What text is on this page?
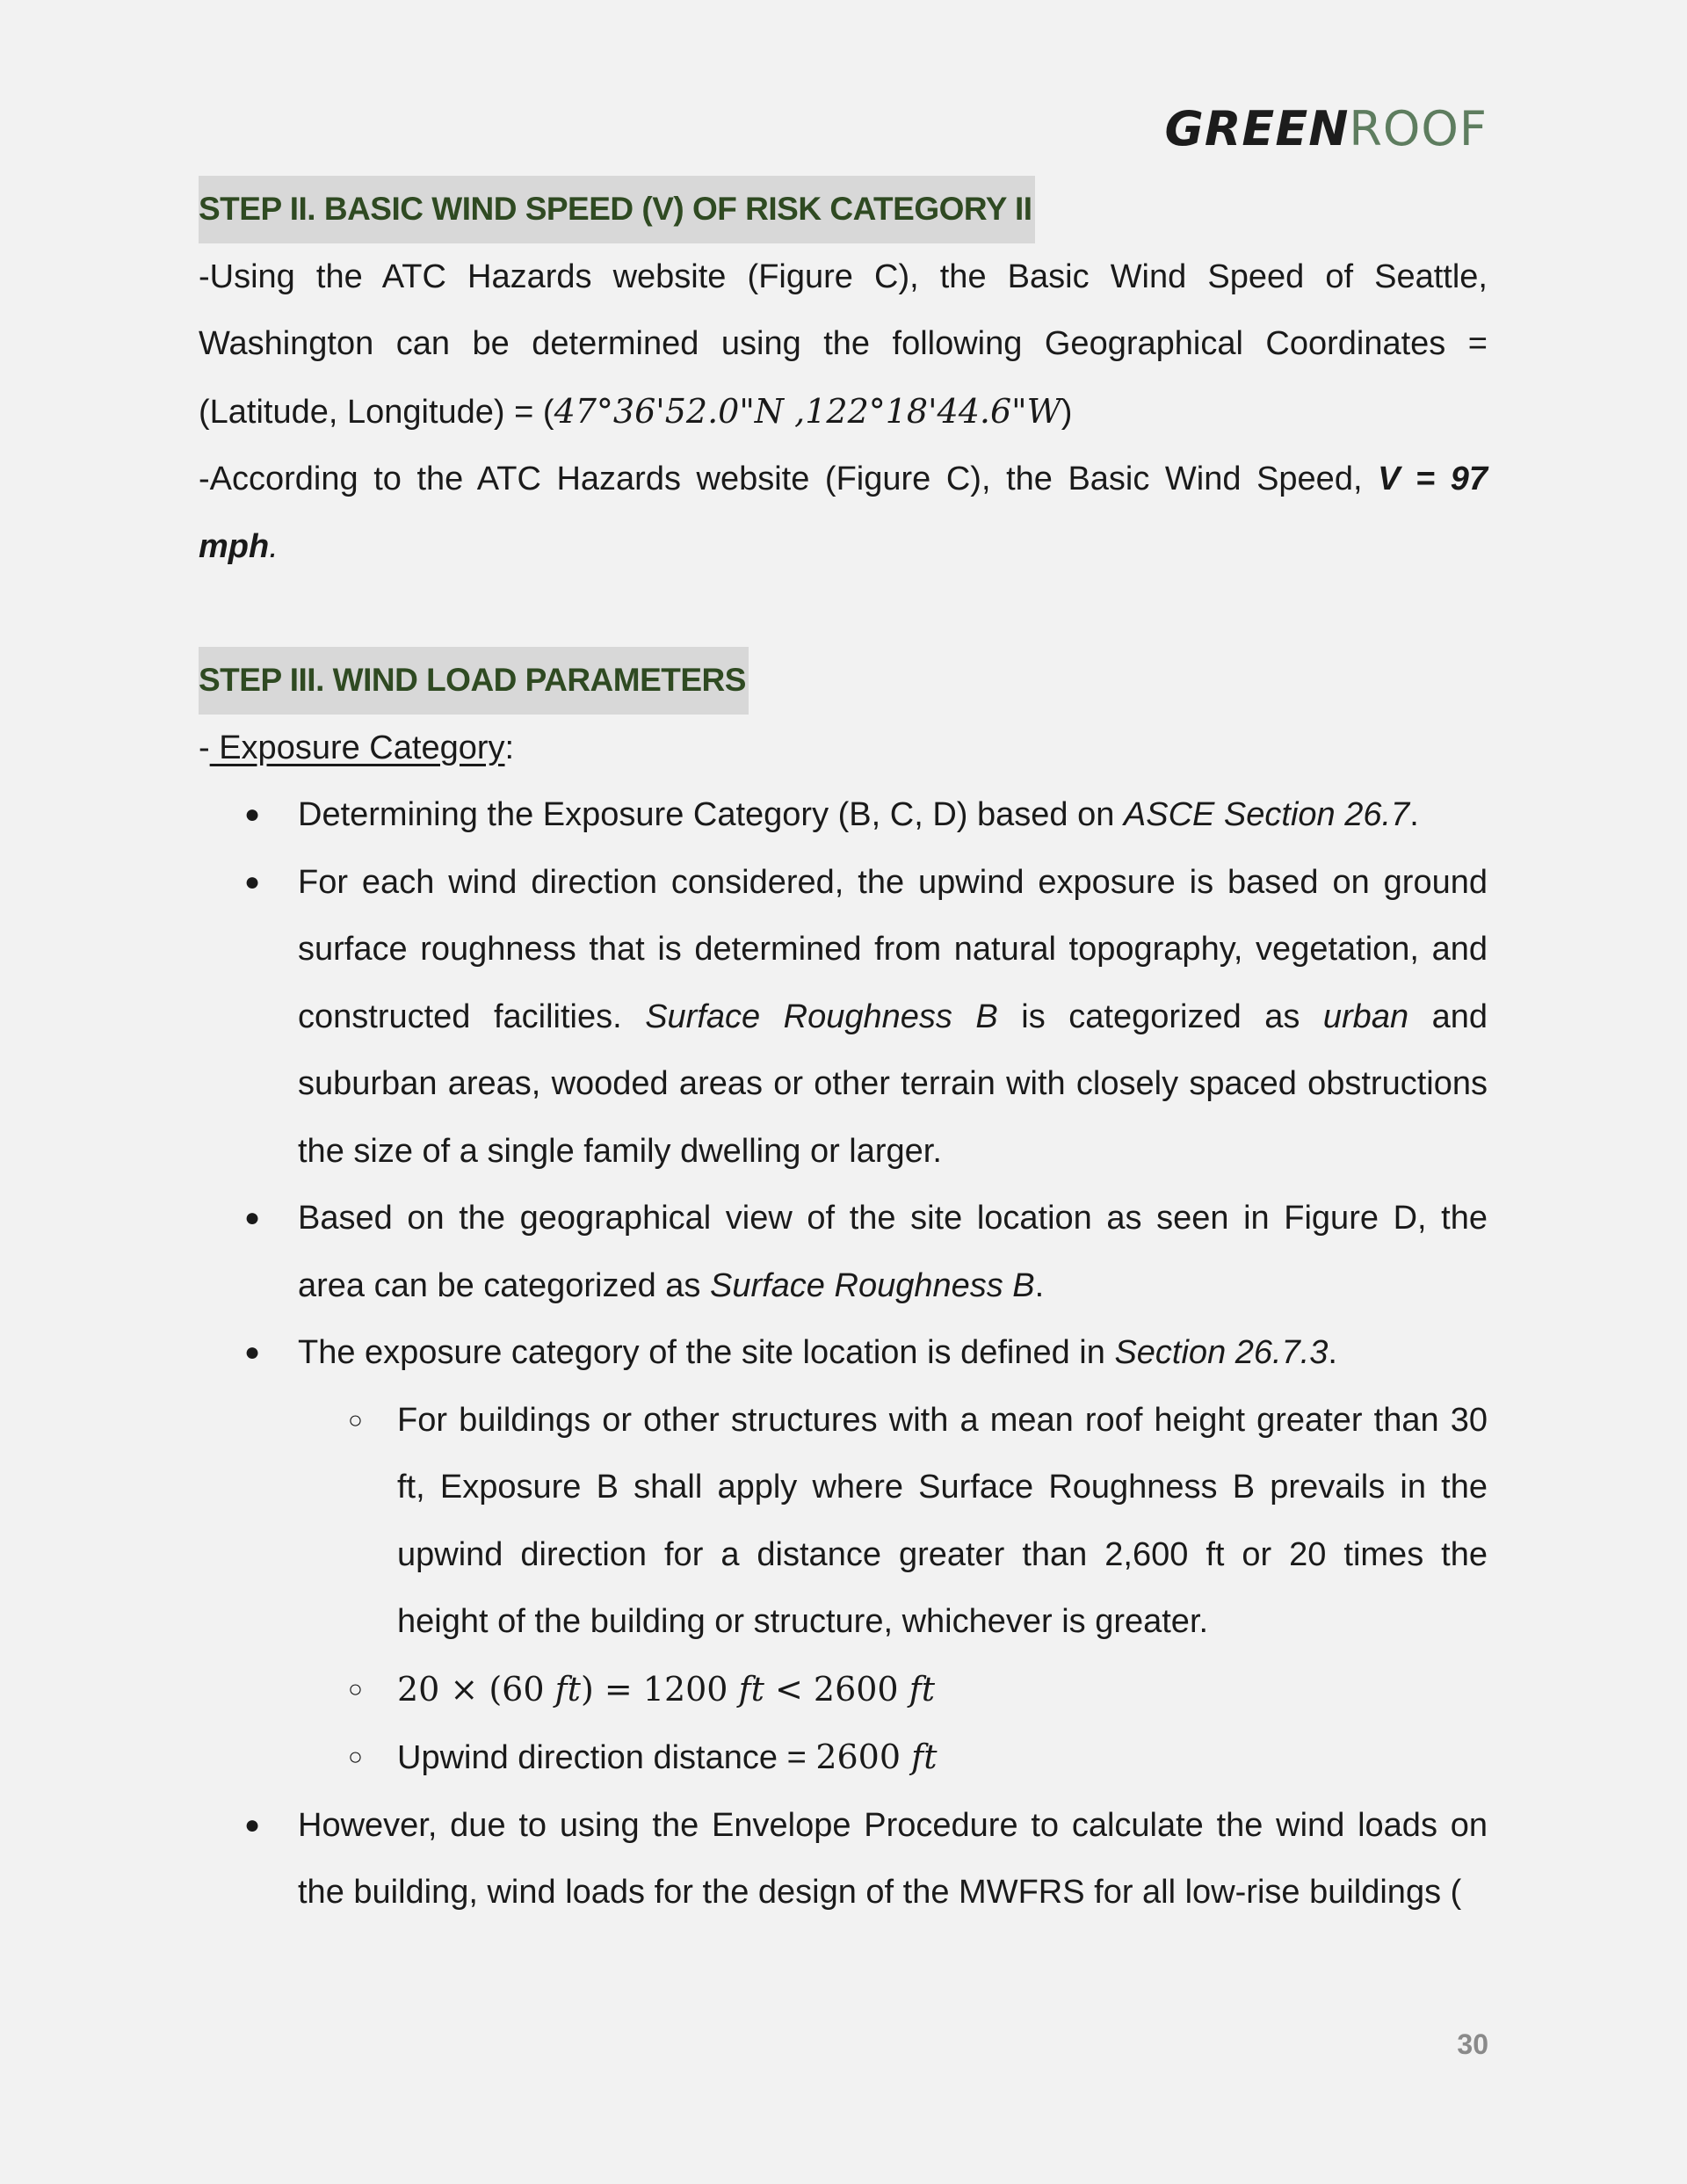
GREENROOF
STEP II. BASIC WIND SPEED (V) OF RISK CATEGORY II

-Using the ATC Hazards website (Figure C), the Basic Wind Speed of Seattle, Washington can be determined using the following Geographical Coordinates = (Latitude, Longitude) = (47°36'52.0"N ,122°18'44.6"W)

-According to the ATC Hazards website (Figure C), the Basic Wind Speed, V = 97 mph.

STEP III. WIND LOAD PARAMETERS

- Exposure Category:

●	Determining the Exposure Category (B, C, D) based on ASCE Section 26.7.
●	For each wind direction considered, the upwind exposure is based on ground surface roughness that is determined from natural topography, vegetation, and constructed facilities. Surface Roughness B is categorized as urban and suburban areas, wooded areas or other terrain with closely spaced obstructions the size of a single family dwelling or larger.
●	Based on the geographical view of the site location as seen in Figure D, the area can be categorized as Surface Roughness B.
●	The exposure category of the site location is defined in Section 26.7.3.
○ For buildings or other structures with a mean roof height greater than 30 ft, Exposure B shall apply where Surface Roughness B prevails in the upwind direction for a distance greater than 2,600 ft or 20 times the height of the building or structure, whichever is greater.
○ 20 × (60 ft) = 1200 ft < 2600 ft
○ Upwind direction distance = 2600 ft
●	However, due to using the Envelope Procedure to calculate the wind loads on the building, wind loads for the design of the MWFRS for all low-rise buildings (
30
